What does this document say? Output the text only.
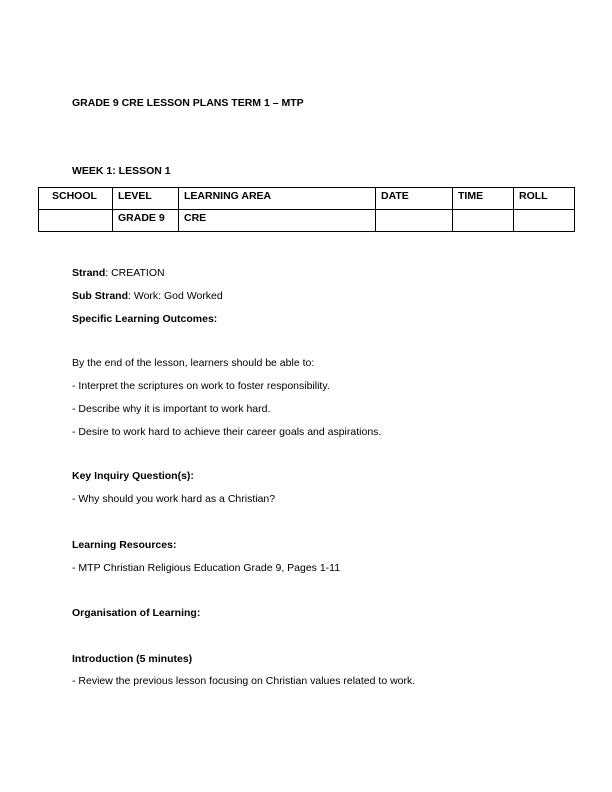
GRADE 9 CRE LESSON PLANS TERM 1 – MTP
WEEK 1: LESSON 1
SCHOOL	LEVEL	LEARNING AREA	DATE	TIME	ROLL
	GRADE 9	CRE			
Strand: CREATION
Sub Strand: Work: God Worked
Specific Learning Outcomes:
By the end of the lesson, learners should be able to:
- Interpret the scriptures on work to foster responsibility.
- Describe why it is important to work hard.
- Desire to work hard to achieve their career goals and aspirations.
Key Inquiry Question(s):
- Why should you work hard as a Christian?
Learning Resources:
- MTP Christian Religious Education Grade 9, Pages 1-11
Organisation of Learning:
Introduction (5 minutes)
- Review the previous lesson focusing on Christian values related to work.
